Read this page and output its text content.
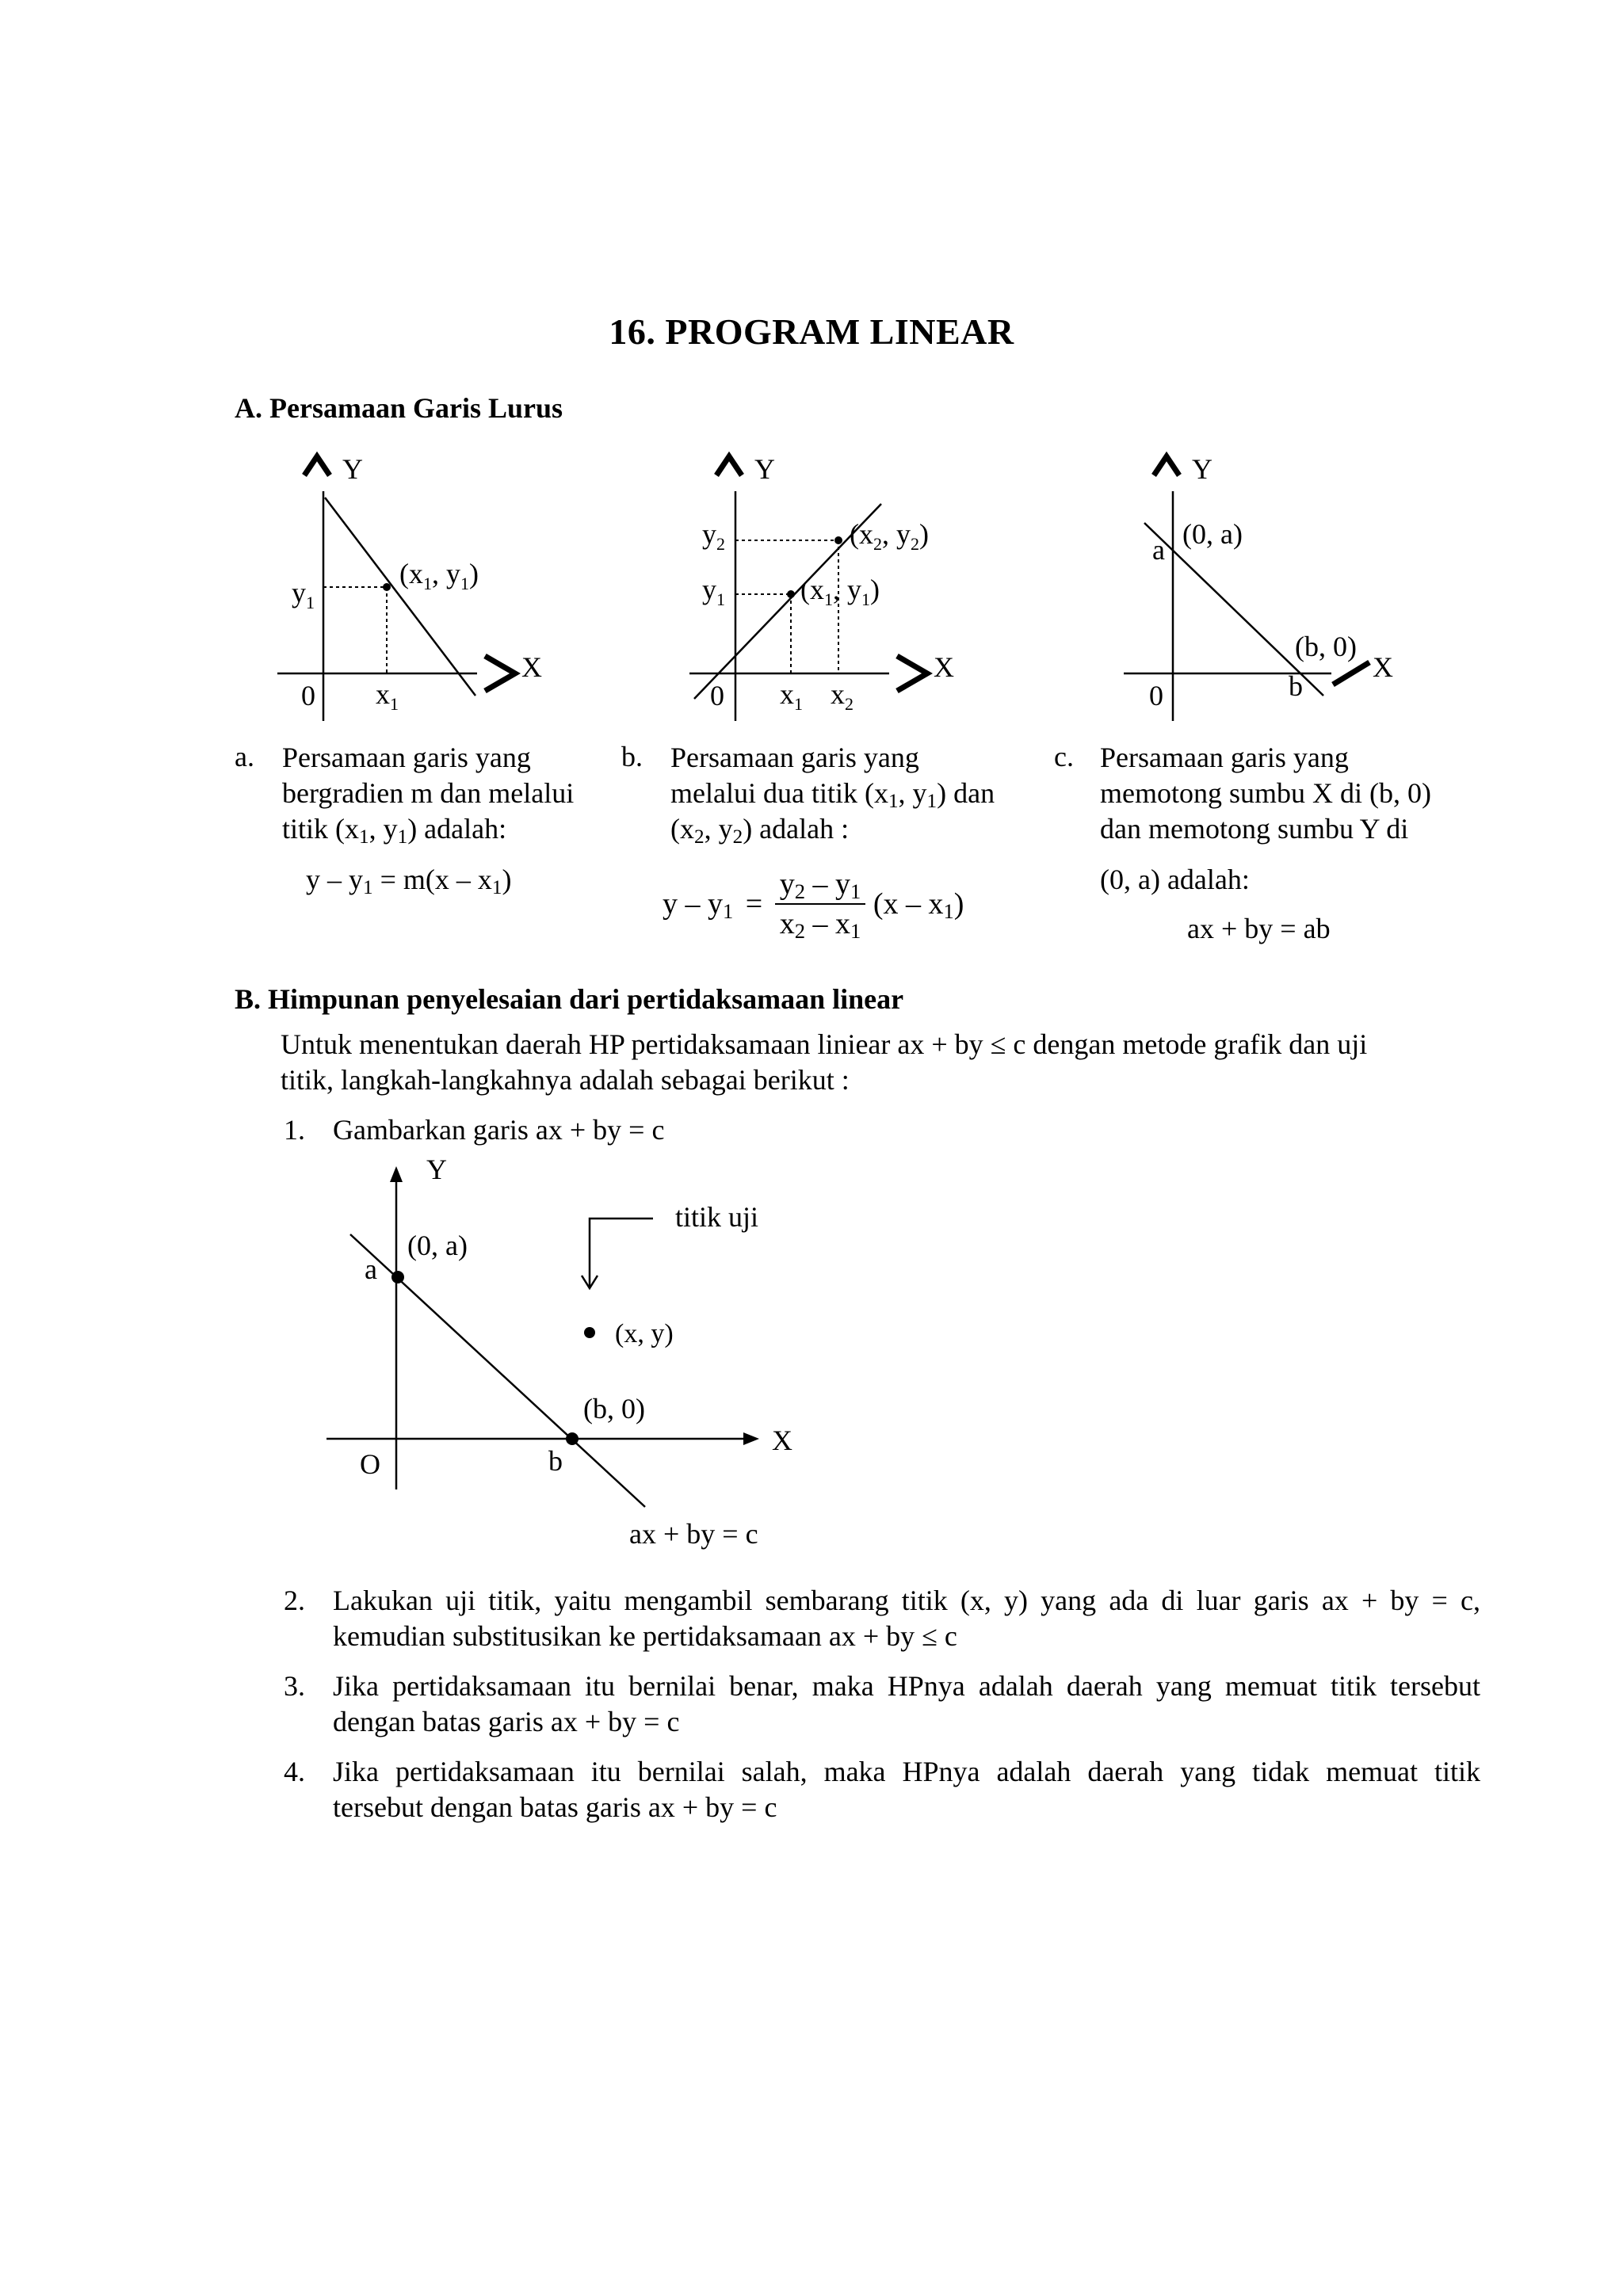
16. PROGRAM LINEAR
A. Persamaan Garis Lurus
Y
X
0
$y_1$
$x_1$
($x_1$, $y_1$)
Y
X
0
$y_2$
$y_1$
$x_1$ $x_2$
($x_2$, $y_2$)
($x_1$, $y_1$)
Y
X
0
a (0, a)
b
(b, 0)
a. Persamaan garis yang
bergradien m dan melalui
titik ($x_1$, $y_1$) adalah:
$y - y_1 = m(x - x_1)$
b. Persamaan garis yang
melalui dua titik ($x_1$, $y_1$) dan
($x_2$, $y_2$) adalah :
$y - y_1 = \frac{y_2 - y_1}{x_2 - x_1} (x - x_1)$
c. Persamaan garis yang
memotong sumbu X di (b, 0)
dan memotong sumbu Y di
(0, a) adalah:
ax + by = ab
B. Himpunan penyelesaian dari pertidaksamaan linear
Untuk menentukan daerah HP pertidaksamaan liniear ax + by ≤ c dengan metode grafik dan uji
titik, langkah-langkahnya adalah sebagai berikut :
1. Gambarkan garis ax + by = c
Y
X
O
a
(0, a)
b
(b, 0)
titik uji
(x, y)
ax + by = c
2. Lakukan uji titik, yaitu mengambil sembarang titik (x, y) yang ada di luar garis ax + by = c,
kemudian substitusikan ke pertidaksamaan ax + by ≤ c
3. Jika pertidaksamaan itu bernilai benar, maka HPnya adalah daerah yang memuat titik tersebut
dengan batas garis ax + by = c
4. Jika pertidaksamaan itu bernilai salah, maka HPnya adalah daerah yang tidak memuat titik
tersebut dengan batas garis ax + by = c
